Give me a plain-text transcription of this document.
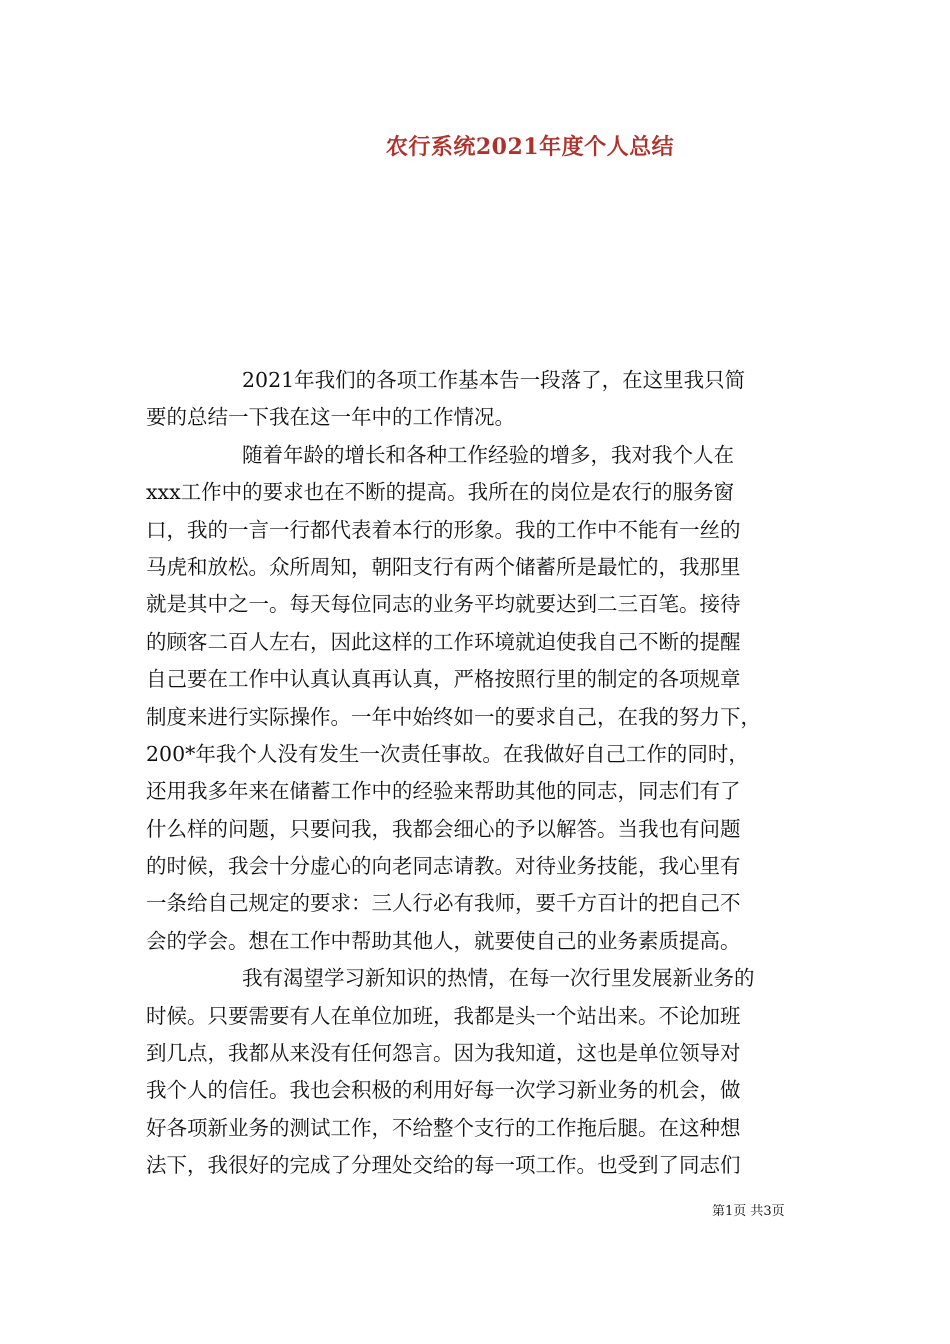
农行系统2021年度个人总结
2021年我们的各项工作基本告一段落了，在这里我只简
要的总结一下我在这一年中的工作情况。
随着年龄的增长和各种工作经验的增多，我对我个人在
xxx工作中的要求也在不断的提高。我所在的岗位是农行的服务窗
口，我的一言一行都代表着本行的形象。我的工作中不能有一丝的
马虎和放松。众所周知，朝阳支行有两个储蓄所是最忙的，我那里
就是其中之一。每天每位同志的业务平均就要达到二三百笔。接待
的顾客二百人左右，因此这样的工作环境就迫使我自己不断的提醒
自己要在工作中认真认真再认真，严格按照行里的制定的各项规章
制度来进行实际操作。一年中始终如一的要求自己，在我的努力下，
200*年我个人没有发生一次责任事故。在我做好自己工作的同时，
还用我多年来在储蓄工作中的经验来帮助其他的同志，同志们有了
什么样的问题，只要问我，我都会细心的予以解答。当我也有问题
的时候，我会十分虚心的向老同志请教。对待业务技能，我心里有
一条给自己规定的要求：三人行必有我师，要千方百计的把自己不
会的学会。想在工作中帮助其他人，就要使自己的业务素质提高。
我有渴望学习新知识的热情，在每一次行里发展新业务的
时候。只要需要有人在单位加班，我都是头一个站出来。不论加班
到几点，我都从来没有任何怨言。因为我知道，这也是单位领导对
我个人的信任。我也会积极的利用好每一次学习新业务的机会，做
好各项新业务的测试工作，不给整个支行的工作拖后腿。在这种想
法下，我很好的完成了分理处交给的每一项工作。也受到了同志们
第1页 共3页
